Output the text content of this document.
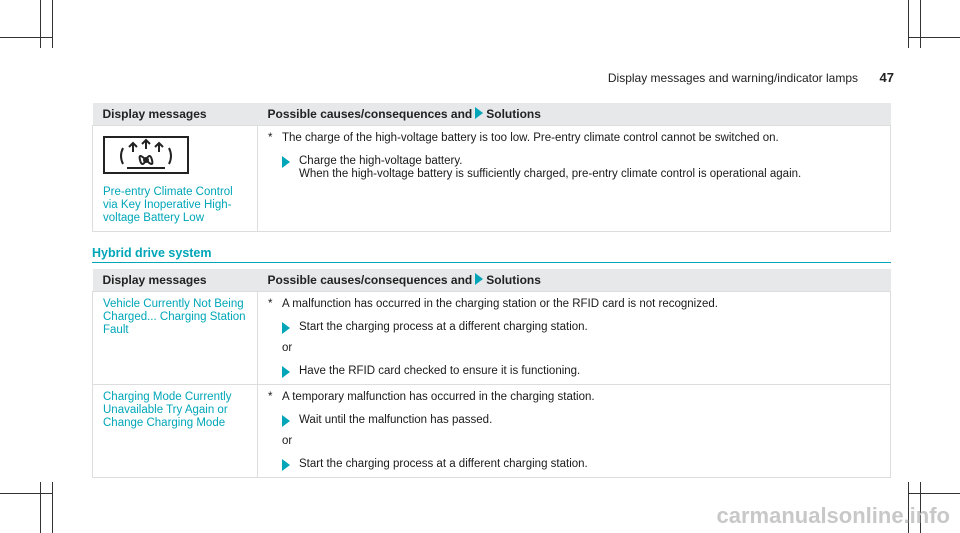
Display messages and warning/indicator lamps 47
Display messages	Possible causes/consequences and Solutions

Pre-entry Climate Control via Key Inoperative High-voltage Battery Low	* The charge of the high-voltage battery is too low. Pre-entry climate control cannot be switched on.
Charge the high-voltage battery.
When the high-voltage battery is sufficiently charged, pre-entry climate control is operational again.
Hybrid drive system
Display messages	Possible causes/consequences and Solutions
Vehicle Currently Not Being Charged... Charging Station Fault	* A malfunction has occurred in the charging station or the RFID card is not recognized.
Start the charging process at a different charging station.
or
Have the RFID card checked to ensure it is functioning.

Charging Mode Currently Unavailable Try Again or Change Charging Mode	* A temporary malfunction has occurred in the charging station.
Wait until the malfunction has passed.
or
Start the charging process at a different charging station.
carmanualsonline.info
